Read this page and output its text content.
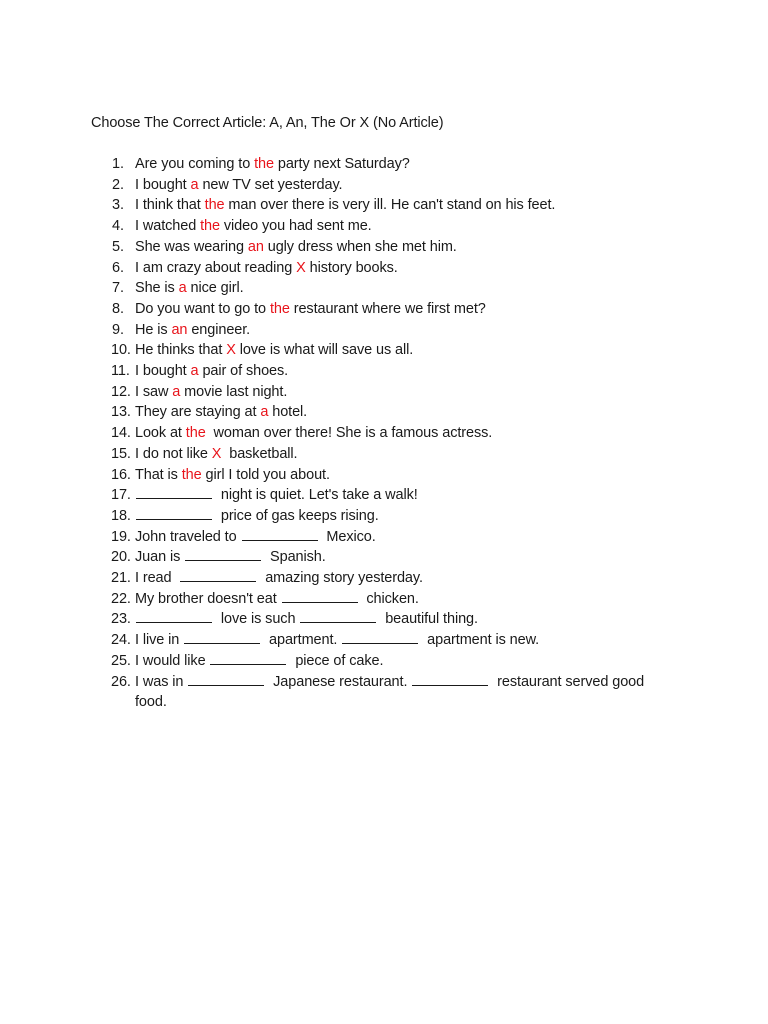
Choose The Correct Article: A, An, The Or X (No Article)
1. Are you coming to the party next Saturday?
2. I bought a new TV set yesterday.
3. I think that the man over there is very ill. He can't stand on his feet.
4. I watched the video you had sent me.
5. She was wearing an ugly dress when she met him.
6. I am crazy about reading X history books.
7. She is a nice girl.
8. Do you want to go to the restaurant where we first met?
9. He is an engineer.
10. He thinks that X love is what will save us all.
11. I bought a pair of shoes.
12. I saw a movie last night.
13. They are staying at a hotel.
14. Look at the  woman over there! She is a famous actress.
15. I do not like X  basketball.
16. That is the girl I told you about.
17.	night is quiet. Let's take a walk!
18.	price of gas keeps rising.
19. John traveled to	Mexico.
20. Juan is	Spanish.
21. I read	amazing story yesterday.
22. My brother doesn't eat	chicken.
23.	love is such	beautiful thing.
24. I live in	apartment.	apartment is new.
25. I would like	piece of cake.
26. I was in	Japanese restaurant.	restaurant served good food.
